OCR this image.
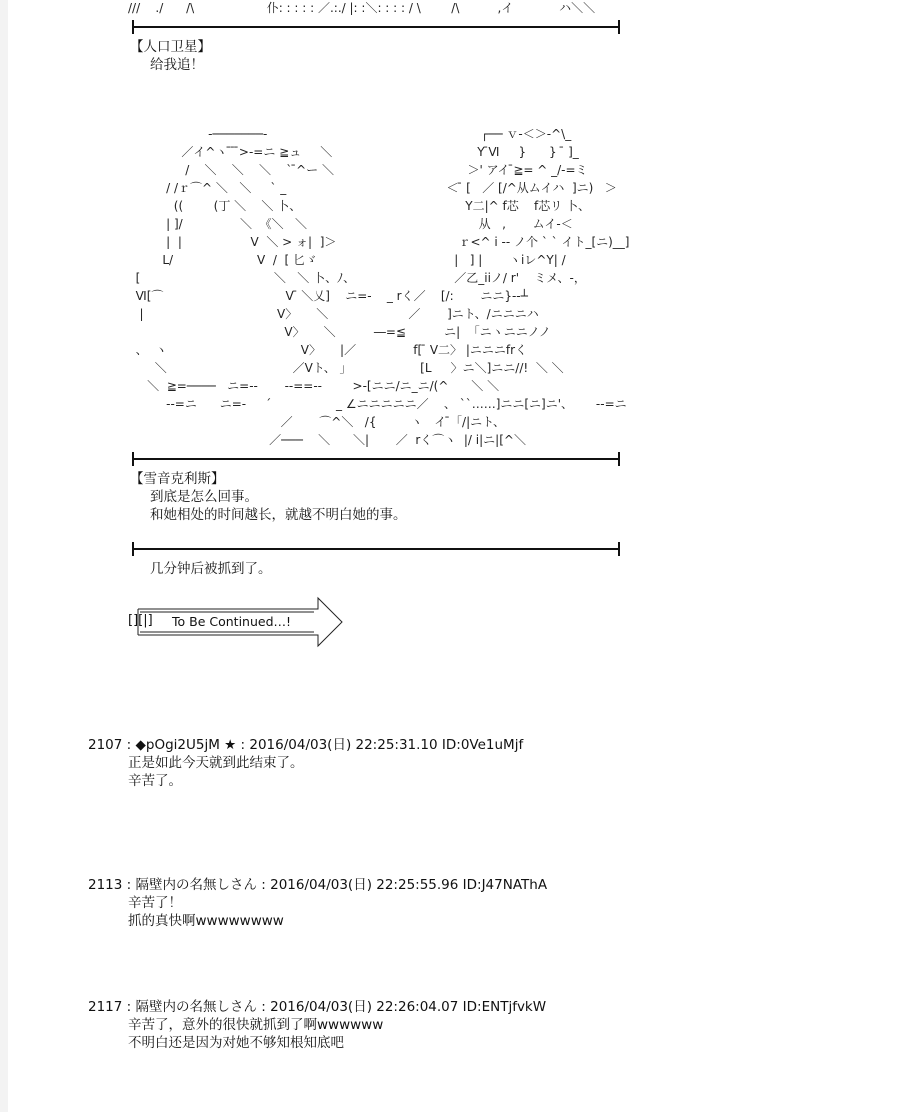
///    ./      /\                   仆: : : : : ／.:./ |: :＼: : : : / \        /\          ,イ            ハ＼＼

【人口卫星】

给我追！

-───────-                                                        ┌── ｖ-＜＞-^\_
／イ^ヽ ̄ ̄ ̄>-=ニ ≧ュ     ＼                                      Y ̄Ⅵ     }      }  ̄ ]_
/    ＼    ＼    ＼    ` ̄^ー ＼                                   ＞' アイ ̄≧= ^ _/-=ミ
/ /ｒ⌒^ ＼   ＼     ` _                                          ＜ ̄ [   ／ [/^从ムイハ  ]ニ)   ＞
((        (丁 ＼    ＼ 卜、                                           Y二|^ f芯    f芯リ 卜、
| ]/               ＼  《＼   ＼                                             从   ,       ムイ-＜
|  |                  V  ＼ > ォ|  ]＞                                ｒ<^ i -‐ ノ个 ` ` イト_[ニ)__]
L/                      V  /  [ 匕ゞ                                    |   ] |       ヽiレ^Y| /
[                                   ＼   ＼ 卜、ﾉ、                          ／乙_iiノ/ r'    ミメ、-，
Ⅵ[⌒                                V ̄ ＼乂]    ニ=-    _ rく／    [/:       ニニ}--┴
|                                   V〉     ＼                     ／       ]ニト、/ニニニハ
V〉     ＼          ―=≦          ニ|  「ニヽニニノノ
、  ヽ                                   V〉     |／               f[ ̄ V二〉 |ニニニfrく
＼                                 ／Vト、 」                  [L     〉ニ＼]ニニ//!  ＼ ＼
＼  ≧=────   ニ=-‐       -‐==-‐        >-[ニニ/ニ_ニ/(^      ＼ ＼
--=ニ      ニ=-     ´                 _ ∠ニニニニニ／    、 ``……]ニニ[ニ]ニ'、      --=ニ
／       ⌒^＼   /{         ヽ   イ ̄「/|ニト、
／───    ＼      ＼|       ／  rく⌒ヽ  |/ i|ニ|[^＼

【雪音克利斯】

到底是怎么回事。

和她相处的时间越长，就越不明白她的事。

几分钟后被抓到了。

[][|] To Be Continued…!

2107 : ◆pOgi2U5jM ★ : 2016/04/03(日) 22:25:31.10 ID:0Ve1uMjf

正是如此今天就到此结束了。

辛苦了。

2113 : 隔壁内の名無しさん : 2016/04/03(日) 22:25:55.96 ID:J47NAThA

辛苦了！

抓的真快啊wwwwwwww

2117 : 隔壁内の名無しさん : 2016/04/03(日) 22:26:04.07 ID:ENTjfvkW

辛苦了，意外的很快就抓到了啊wwwwww

不明白还是因为对她不够知根知底吧
